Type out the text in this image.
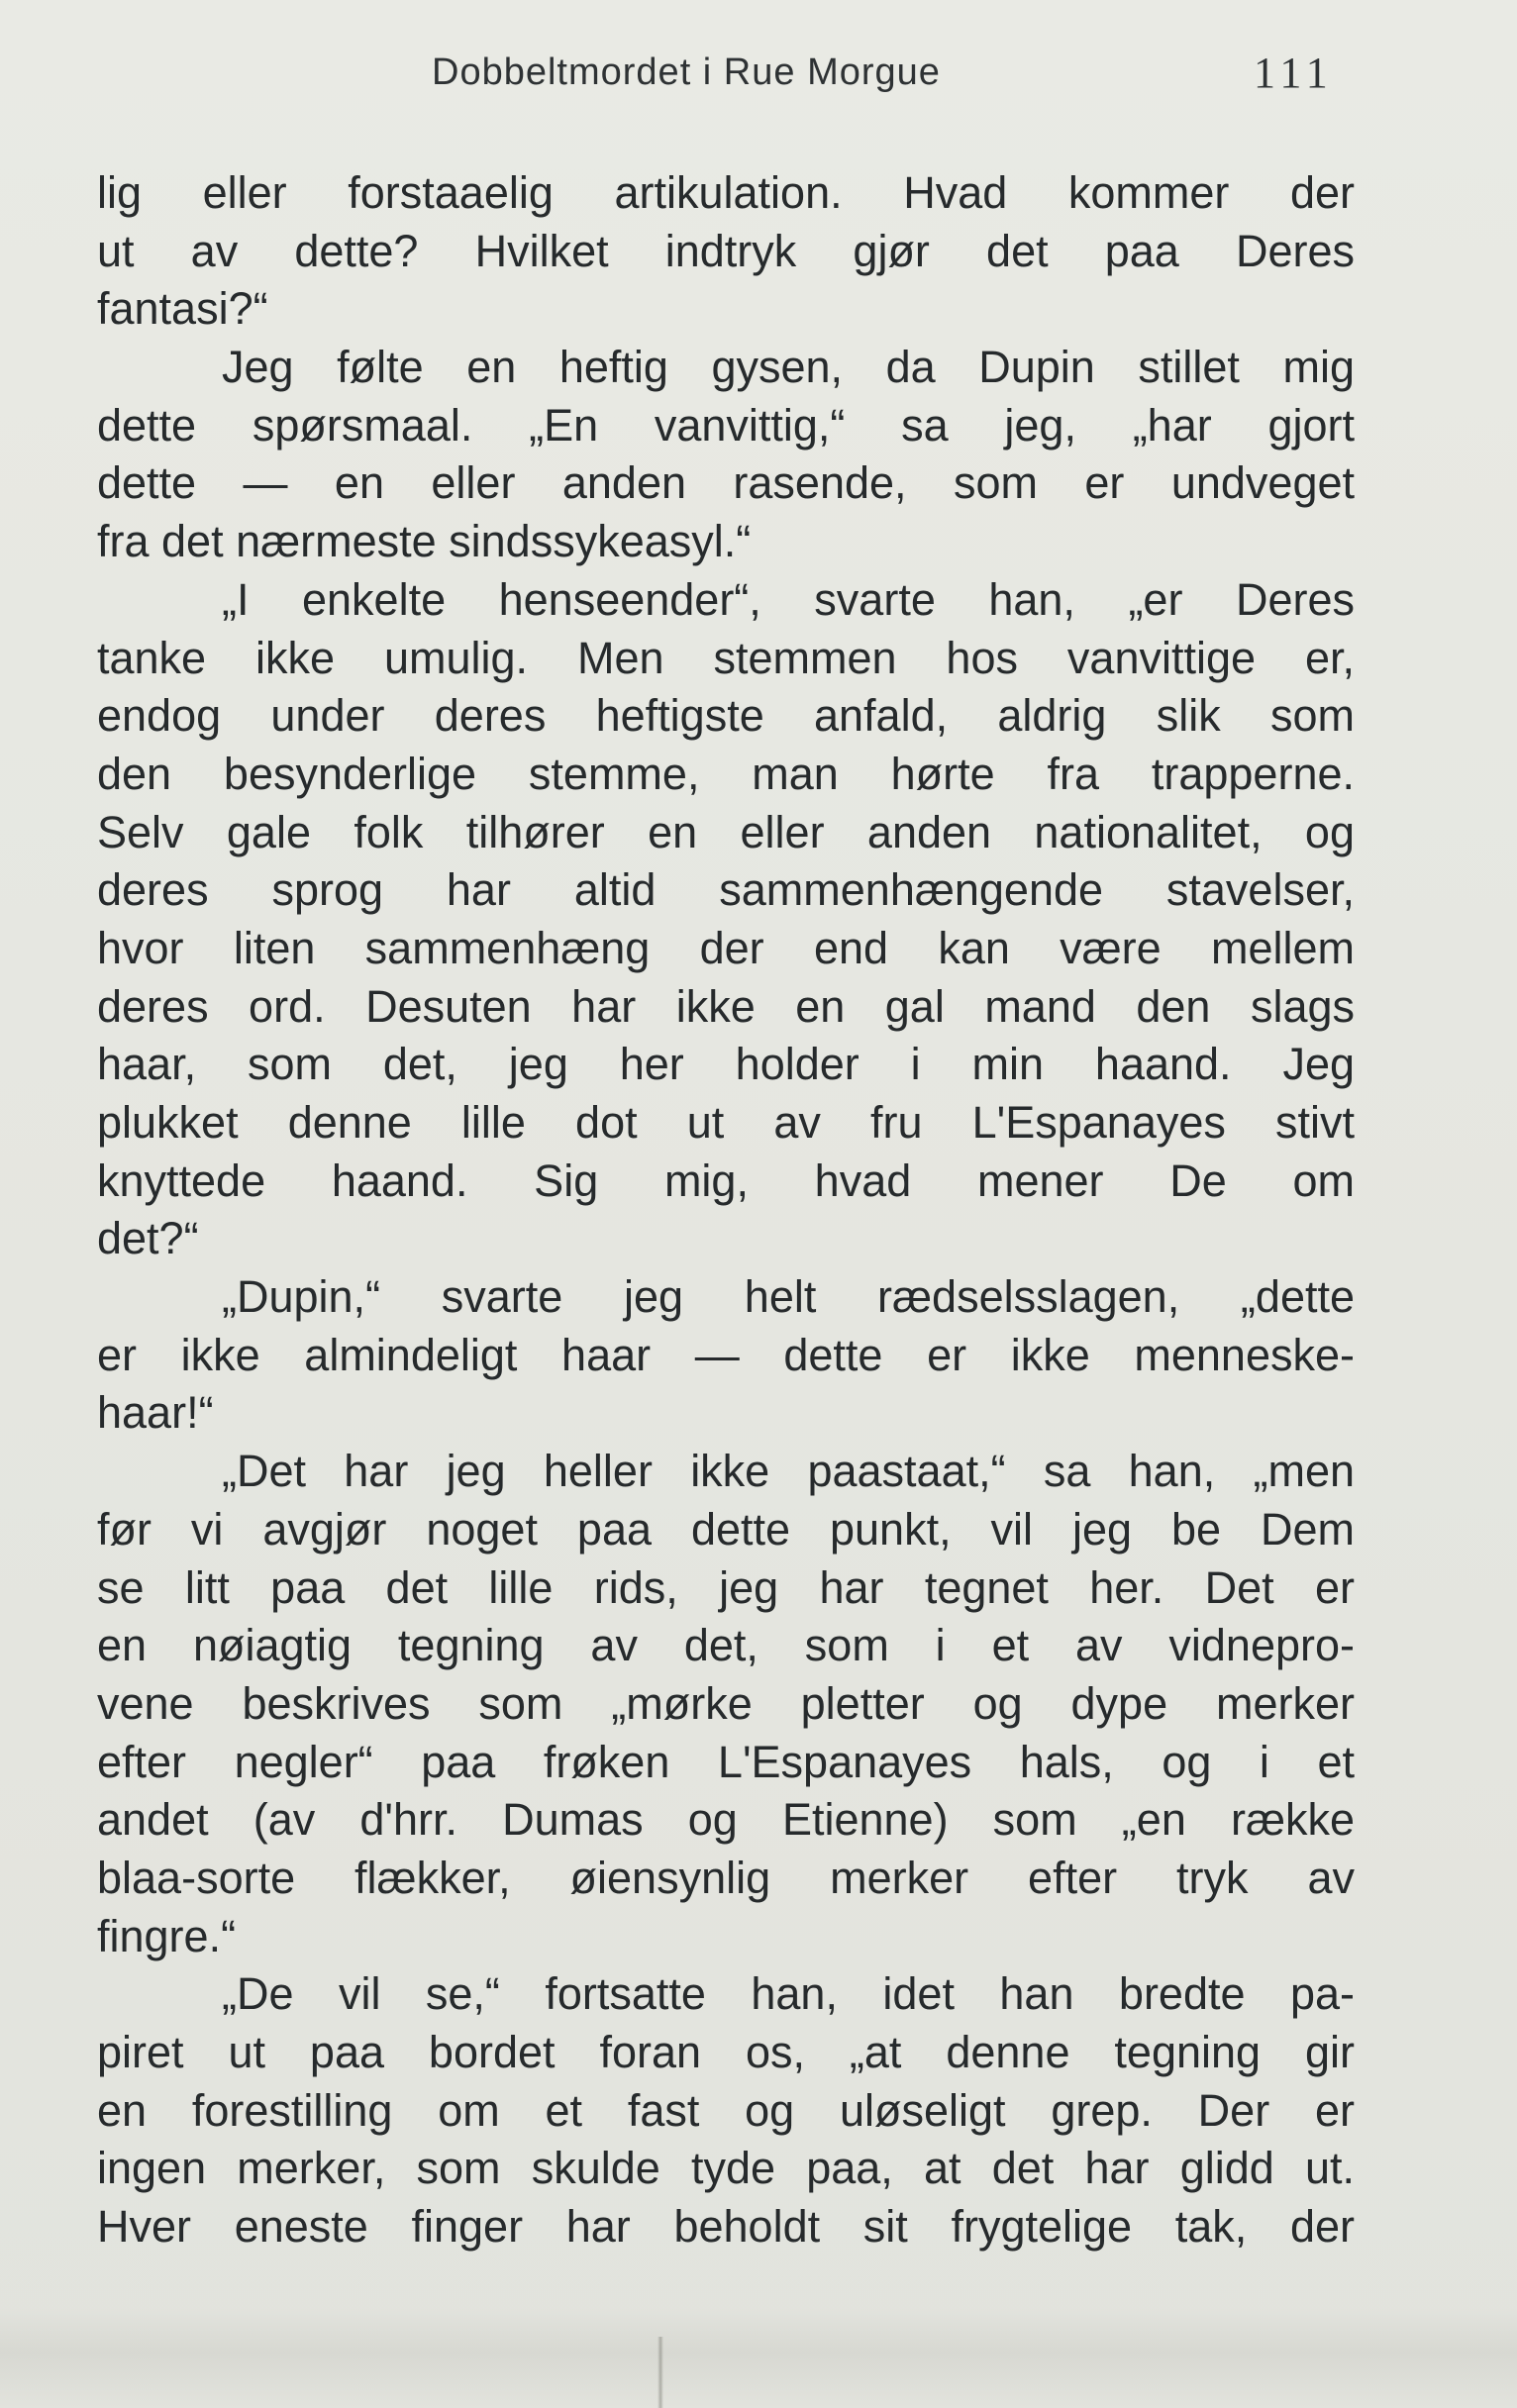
Dobbeltmordet i Rue Morgue	111
lig eller forstaaelig artikulation. Hvad kommer der
ut av dette? Hvilket indtryk gjør det paa Deres
fantasi?“
Jeg følte en heftig gysen, da Dupin stillet mig
dette spørsmaal. „En vanvittig,“ sa jeg, „har gjort
dette — en eller anden rasende, som er undveget
fra det nærmeste sindssykeasyl.“
„I enkelte henseender“, svarte han, „er Deres
tanke ikke umulig. Men stemmen hos vanvittige er,
endog under deres heftigste anfald, aldrig slik som
den besynderlige stemme, man hørte fra trapperne.
Selv gale folk tilhører en eller anden nationalitet, og
deres sprog har altid sammenhængende stavelser,
hvor liten sammenhæng der end kan være mellem
deres ord. Desuten har ikke en gal mand den slags
haar, som det, jeg her holder i min haand. Jeg
plukket denne lille dot ut av fru L'Espanayes stivt
knyttede haand. Sig mig, hvad mener De om
det?“
„Dupin,“ svarte jeg helt rædselsslagen, „dette
er ikke almindeligt haar — dette er ikke menneske-
haar!“
„Det har jeg heller ikke paastaat,“ sa han, „men
før vi avgjør noget paa dette punkt, vil jeg be Dem
se litt paa det lille rids, jeg har tegnet her. Det er
en nøiagtig tegning av det, som i et av vidnepro-
vene beskrives som „mørke pletter og dype merker
efter negler“ paa frøken L'Espanayes hals, og i et
andet (av d'hrr. Dumas og Etienne) som „en række
blaa-sorte flækker, øiensynlig merker efter tryk av
fingre.“
„De vil se,“ fortsatte han, idet han bredte pa-
piret ut paa bordet foran os, „at denne tegning gir
en forestilling om et fast og uløseligt grep. Der er
ingen merker, som skulde tyde paa, at det har glidd ut.
Hver eneste finger har beholdt sit frygtelige tak, der
